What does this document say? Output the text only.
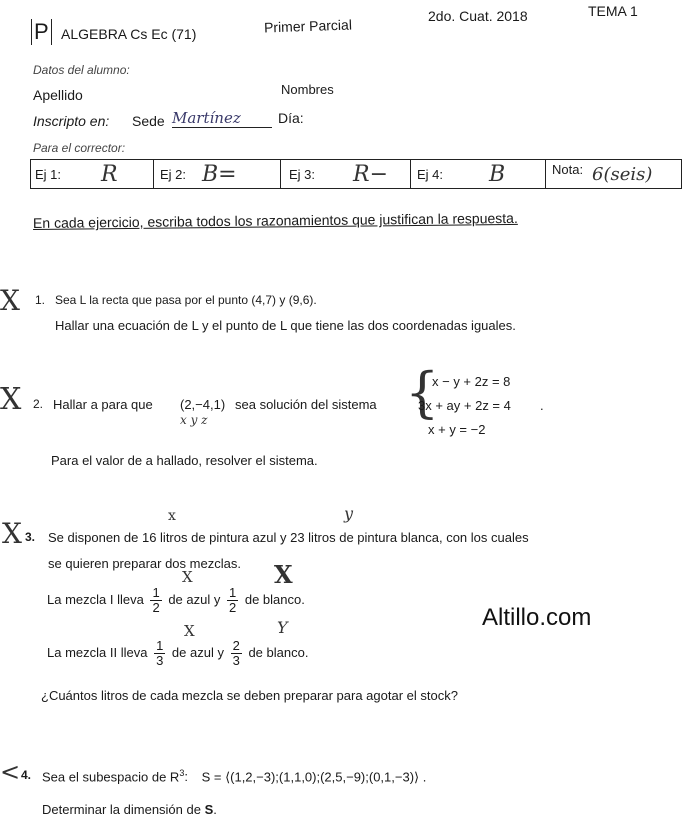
P ALGEBRA Cs Ec (71)	Primer Parcial
2do. Cuat. 2018	TEMA 1
Datos del alumno:
Apellido	Nombres
Inscripto en: Sede Martínez	Día:
Para el corrector:
Ej 1: R	Ej 2: B=	Ej 3: R− Ej 4: B	Nota: 6(seis)
En cada ejercicio, escriba todos los razonamientos que justifican la respuesta.
X 1. Sea L la recta que pasa por el punto (4,7) y (9,6).
Hallar una ecuación de L y el punto de L que tiene las dos coordenadas iguales.
X 2. Hallar a para que (2,−4,1)
x y z
sea solución del sistema {
x − y + 2z = 8
3x + ay + 2z = 4
x + y = −2
.
Para el valor de a hallado, resolver el sistema.
X 3.
x	y
Se disponen de 16 litros de pintura azul y 23 litros de pintura blanca, con los cuales
se quieren preparar dos mezclas.
X	X
La mezcla I lleva $\frac{1}{2}$ de azul y $\frac{1}{2}$ de blanco.
X	Y
La mezcla II lleva $\frac{1}{3}$ de azul y $\frac{2}{3}$ de blanco.
¿Cuántos litros de cada mezcla se deben preparar para agotar el stock?
Altillo.com
< 4. Sea el subespacio de $R^3$: S = ⟨(1,2,−3);(1,1,0);(2,5,−9);(0,1,−3)⟩ .
Determinar la dimensión de S.
